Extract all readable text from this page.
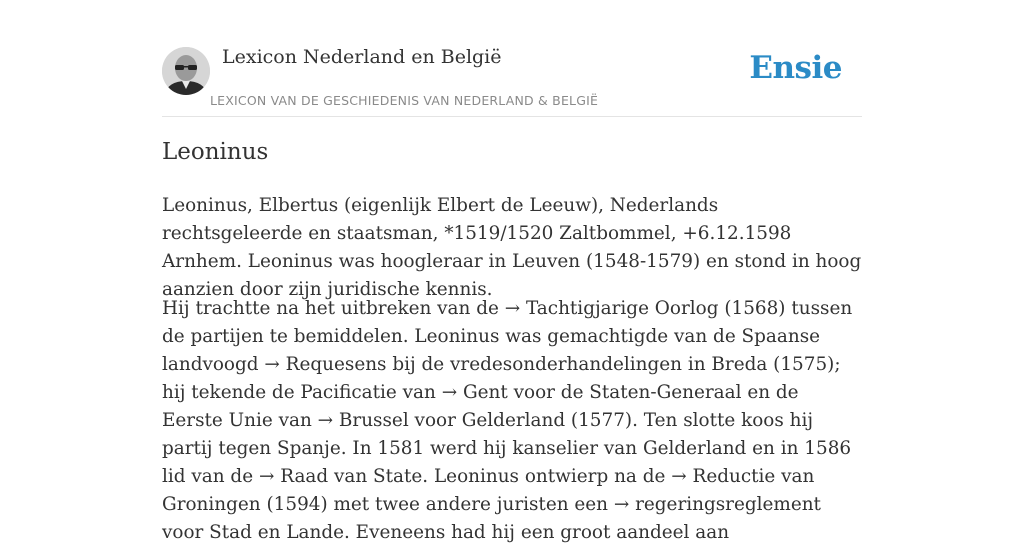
Lexicon Nederland en België
LEXICON VAN DE GESCHIEDENIS VAN NEDERLAND & BELGIË
Ensie
Leoninus

Leoninus, Elbertus (eigenlijk Elbert de Leeuw), Nederlands rechtsgeleerde en staatsman, *1519/1520 Zaltbommel, +6.12.1598 Arnhem. Leoninus was hoogleraar in Leuven (1548-1579) en stond in hoog aanzien door zijn juridische kennis.

Hij trachtte na het uitbreken van de → Tachtigjarige Oorlog (1568) tussen de partijen te bemiddelen. Leoninus was gemachtigde van de Spaanse landvoogd → Requesens bij de vredesonderhandelingen in Breda (1575); hij tekende de Pacificatie van → Gent voor de Staten-Generaal en de Eerste Unie van → Brussel voor Gelderland (1577). Ten slotte koos hij partij tegen Spanje. In 1581 werd hij kanselier van Gelderland en in 1586 lid van de → Raad van State. Leoninus ontwierp na de → Reductie van Groningen (1594) met twee andere juristen een → regeringsreglement voor Stad en Lande. Eveneens had hij een groot aandeel aan
